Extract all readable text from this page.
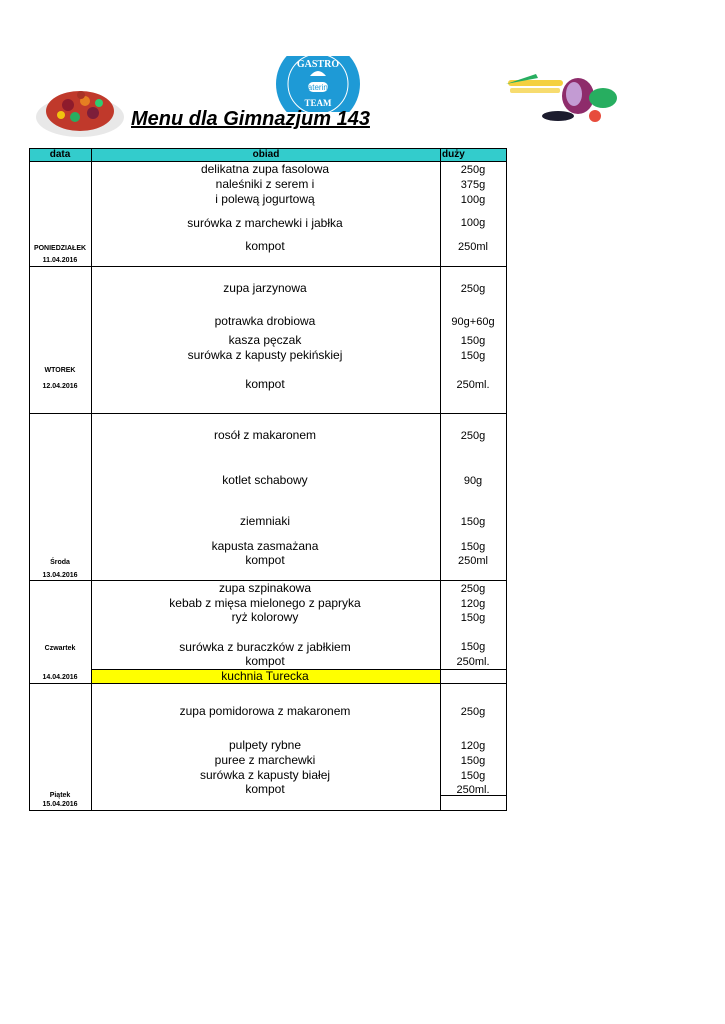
GASTRO
catering
TEAM
Menu dla Gimnazjum 143
data	obiad	duży
PONIEDZIAŁEK
11.04.2016
delikatna zupa fasolowa	250g
naleśniki z serem i	375g
i polewą jogurtową	100g
surówka z marchewki i jabłka	100g
kompot	250ml
WTOREK
12.04.2016
zupa jarzynowa	250g
potrawka drobiowa	90g+60g
kasza pęczak	150g
surówka z kapusty pekińskiej	150g
kompot	250ml.
Środa
13.04.2016
rosół z makaronem	250g
kotlet schabowy	90g
ziemniaki	150g
kapusta zasmażana	150g
kompot	250ml
Czwartek
14.04.2016
zupa szpinakowa	250g
kebab z mięsa mielonego z papryka	120g
ryż kolorowy	150g
surówka z buraczków z jabłkiem	150g
kompot	250ml.
kuchnia Turecka
Piątek
15.04.2016
zupa pomidorowa z makaronem	250g
pulpety rybne	120g
puree z marchewki	150g
surówka z kapusty białej	150g
kompot	250ml.
